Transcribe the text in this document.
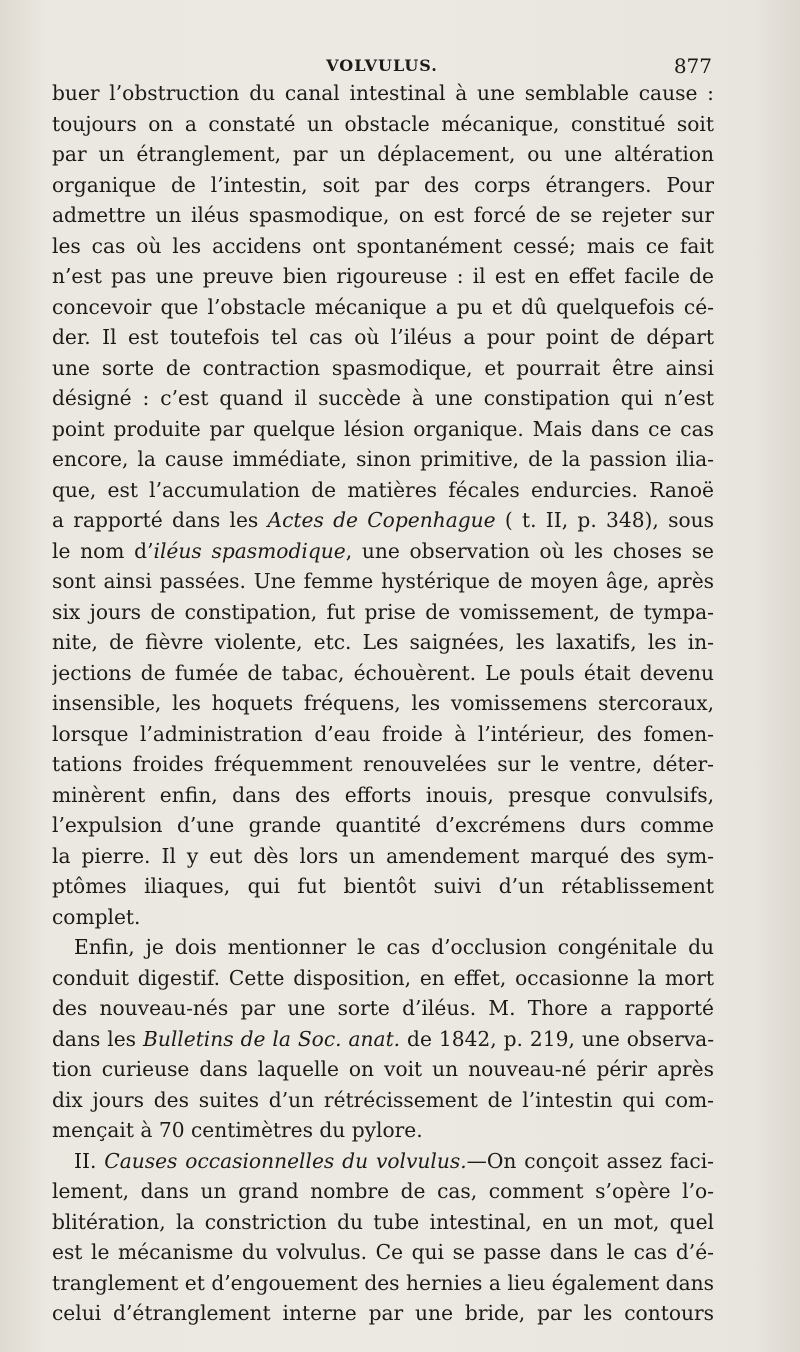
VOLVULUS.	877
buer l’obstruction du canal intestinal à une semblable cause :
toujours on a constaté un obstacle mécanique, constitué soit
par un étranglement, par un déplacement, ou une altération
organique de l’intestin, soit par des corps étrangers. Pour
admettre un iléus spasmodique, on est forcé de se rejeter sur
les cas où les accidens ont spontanément cessé; mais ce fait
n’est pas une preuve bien rigoureuse : il est en effet facile de
concevoir que l’obstacle mécanique a pu et dû quelquefois cé-
der. Il est toutefois tel cas où l’iléus a pour point de départ
une sorte de contraction spasmodique, et pourrait être ainsi
désigné : c’est quand il succède à une constipation qui n’est
point produite par quelque lésion organique. Mais dans ce cas
encore, la cause immédiate, sinon primitive, de la passion ilia-
que, est l’accumulation de matières fécales endurcies. Ranoë
a rapporté dans les Actes de Copenhague ( t. II, p. 348), sous
le nom d’iléus spasmodique, une observation où les choses se
sont ainsi passées. Une femme hystérique de moyen âge, après
six jours de constipation, fut prise de vomissement, de tympa-
nite, de fièvre violente, etc. Les saignées, les laxatifs, les in-
jections de fumée de tabac, échouèrent. Le pouls était devenu
insensible, les hoquets fréquens, les vomissemens stercoraux,
lorsque l’administration d’eau froide à l’intérieur, des fomen-
tations froides fréquemment renouvelées sur le ventre, déter-
minèrent enfin, dans des efforts inouis, presque convulsifs,
l’expulsion d’une grande quantité d’excrémens durs comme
la pierre. Il y eut dès lors un amendement marqué des sym-
ptômes iliaques, qui fut bientôt suivi d’un rétablissement
complet.
Enfin, je dois mentionner le cas d’occlusion congénitale du
conduit digestif. Cette disposition, en effet, occasionne la mort
des nouveau-nés par une sorte d’iléus. M. Thore a rapporté
dans les Bulletins de la Soc. anat. de 1842, p. 219, une observa-
tion curieuse dans laquelle on voit un nouveau-né périr après
dix jours des suites d’un rétrécissement de l’intestin qui com-
mençait à 70 centimètres du pylore.
II. Causes occasionnelles du volvulus.—On conçoit assez faci-
lement, dans un grand nombre de cas, comment s’opère l’o-
blitération, la constriction du tube intestinal, en un mot, quel
est le mécanisme du volvulus. Ce qui se passe dans le cas d’é-
tranglement et d’engouement des hernies a lieu également dans
celui d’étranglement interne par une bride, par les contours
